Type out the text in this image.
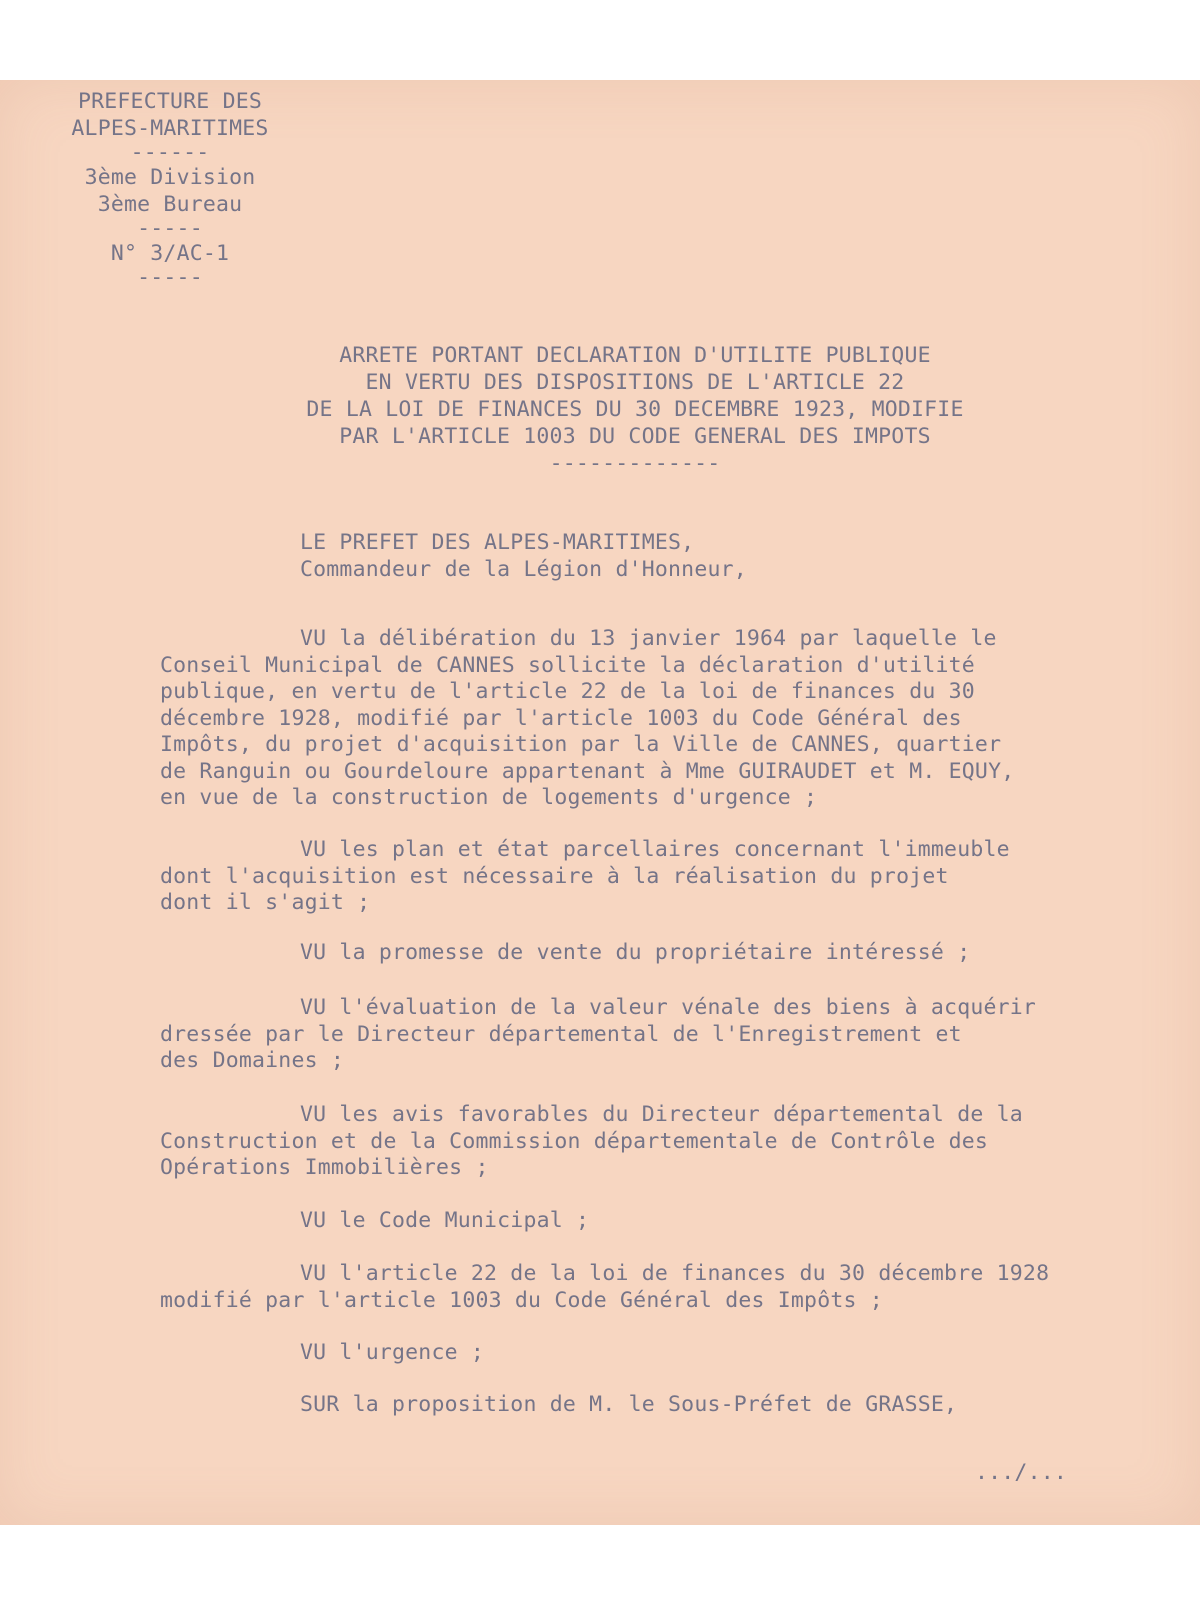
PREFECTURE DES
ALPES-MARITIMES
------
3ème Division
3ème Bureau
-----
N° 3/AC-1
-----
ARRETE PORTANT DECLARATION D'UTILITE PUBLIQUE
EN VERTU DES DISPOSITIONS DE L'ARTICLE 22
DE LA LOI DE FINANCES DU 30 DECEMBRE 1923, MODIFIE
PAR L'ARTICLE 1003 DU CODE GENERAL DES IMPOTS
-------------
LE PREFET DES ALPES-MARITIMES,
Commandeur de la Légion d'Honneur,
VU la délibération du 13 janvier 1964 par laquelle le
Conseil Municipal de CANNES sollicite la déclaration d'utilité
publique, en vertu de l'article 22 de la loi de finances du 30
décembre 1928, modifié par l'article 1003 du Code Général des
Impôts, du projet d'acquisition par la Ville de CANNES, quartier
de Ranguin ou Gourdeloure appartenant à Mme GUIRAUDET et M. EQUY,
en vue de la construction de logements d'urgence ;
VU les plan et état parcellaires concernant l'immeuble
dont l'acquisition est nécessaire à la réalisation du projet
dont il s'agit ;
VU la promesse de vente du propriétaire intéressé ;
VU l'évaluation de la valeur vénale des biens à acquérir
dressée par le Directeur départemental de l'Enregistrement et
des Domaines ;
VU les avis favorables du Directeur départemental de la
Construction et de la Commission départementale de Contrôle des
Opérations Immobilières ;
VU le Code Municipal ;
VU l'article 22 de la loi de finances du 30 décembre 1928
modifié par l'article 1003 du Code Général des Impôts ;
VU l'urgence ;
SUR la proposition de M. le Sous-Préfet de GRASSE,
.../...
